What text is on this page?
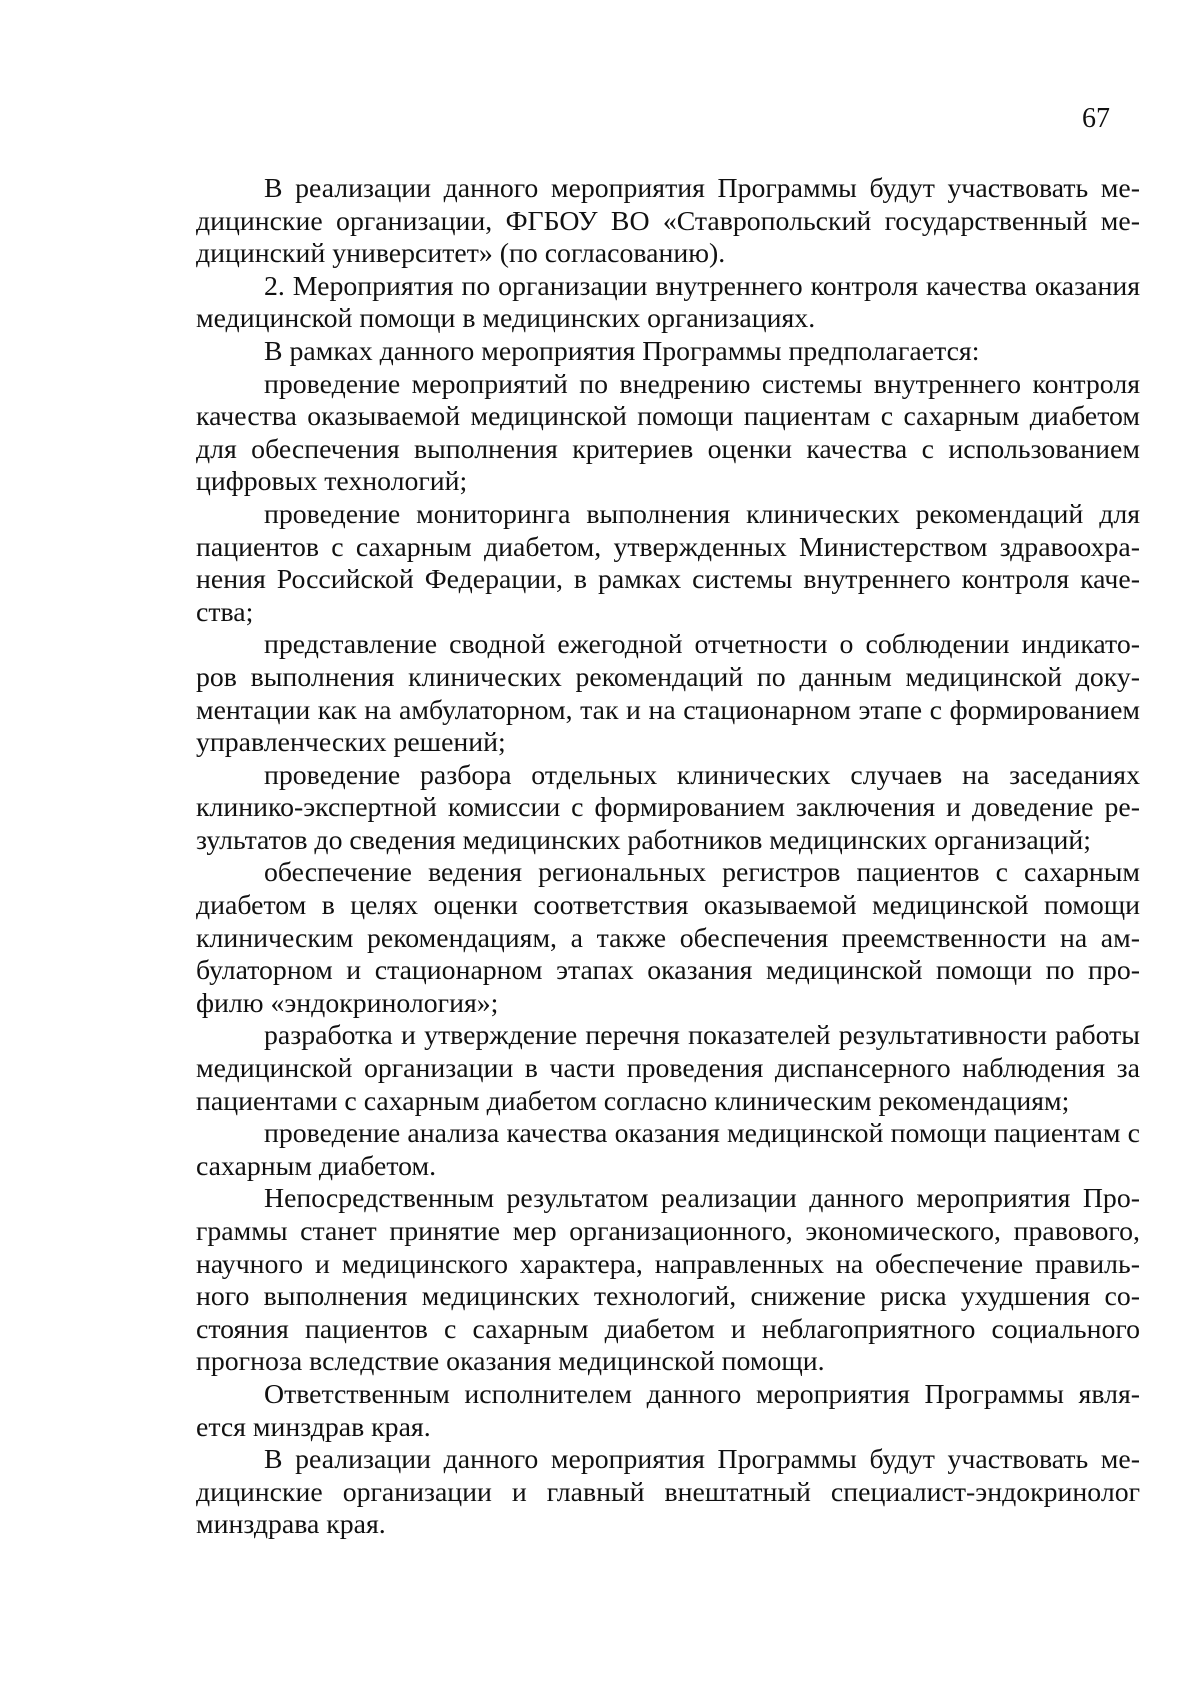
67

В реализации данного мероприятия Программы будут участвовать медицинские организации, ФГБОУ ВО «Ставропольский государственный медицинский университет» (по согласованию).

2. Мероприятия по организации внутреннего контроля качества оказания медицинской помощи в медицинских организациях.

В рамках данного мероприятия Программы предполагается:

проведение мероприятий по внедрению системы внутреннего контроля качества оказываемой медицинской помощи пациентам с сахарным диабетом для обеспечения выполнения критериев оценки качества с использованием цифровых технологий;

проведение мониторинга выполнения клинических рекомендаций для пациентов с сахарным диабетом, утвержденных Министерством здравоохранения Российской Федерации, в рамках системы внутреннего контроля качества;

представление сводной ежегодной отчетности о соблюдении индикаторов выполнения клинических рекомендаций по данным медицинской документации как на амбулаторном, так и на стационарном этапе с формированием управленческих решений;

проведение разбора отдельных клинических случаев на заседаниях клинико-экспертной комиссии с формированием заключения и доведение результатов до сведения медицинских работников медицинских организаций;

обеспечение ведения региональных регистров пациентов с сахарным диабетом в целях оценки соответствия оказываемой медицинской помощи клиническим рекомендациям, а также обеспечения преемственности на амбулаторном и стационарном этапах оказания медицинской помощи по профилю «эндокринология»;

разработка и утверждение перечня показателей результативности работы медицинской организации в части проведения диспансерного наблюдения за пациентами с сахарным диабетом согласно клиническим рекомендациям;

проведение анализа качества оказания медицинской помощи пациентам с сахарным диабетом.

Непосредственным результатом реализации данного мероприятия Программы станет принятие мер организационного, экономического, правового, научного и медицинского характера, направленных на обеспечение правильного выполнения медицинских технологий, снижение риска ухудшения состояния пациентов с сахарным диабетом и неблагоприятного социального прогноза вследствие оказания медицинской помощи.

Ответственным исполнителем данного мероприятия Программы является минздрав края.

В реализации данного мероприятия Программы будут участвовать медицинские организации и главный внештатный специалист-эндокринолог минздрава края.
